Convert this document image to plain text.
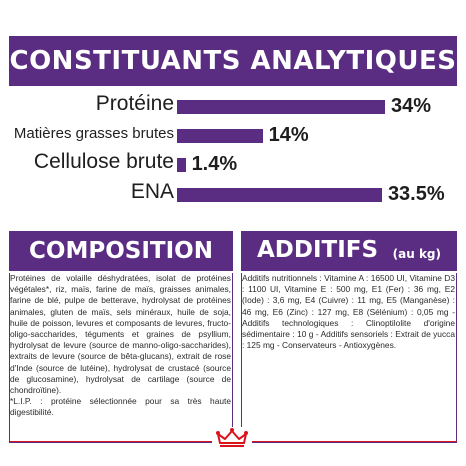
CONSTITUANTS ANALYTIQUES
Protéine	34%
Matières grasses brutes	14%
Cellulose brute 1.4%
ENA	33.5%
COMPOSITION ADDITIFS (au kg)
Protéines de volaille déshydratées, isolat de protéines végétales*, riz, maïs, farine de maïs, graisses animales, farine de blé, pulpe de betterave, hydrolysat de protéines animales, gluten de maïs, sels minéraux, huile de soja, huile de poisson, levures et composants de levures, fructo-oligo-saccharides, téguments et graines de psyllium, hydrolysat de levure (source de manno-oligo-saccharides), extraits de levure (source de bêta-glucans), extrait de rose d'Inde (source de lutéine), hydrolysat de crustacé (source de glucosamine), hydrolysat de cartilage (source de chondroïtine).
*L.I.P. : protéine sélectionnée pour sa très haute digestibilité.
Additifs nutritionnels : Vitamine A : 16500 UI, Vitamine D3 : 1100 UI, Vitamine E : 500 mg, E1 (Fer) : 36 mg, E2 (Iode) : 3,6 mg, E4 (Cuivre) : 11 mg, E5 (Manganèse) : 46 mg, E6 (Zinc) : 127 mg, E8 (Sélénium) : 0,05 mg - Additifs technologiques : Clinoptilolite d'origine sédimentaire : 10 g - Additifs sensoriels : Extrait de yucca : 125 mg - Conservateurs - Antioxygènes.
